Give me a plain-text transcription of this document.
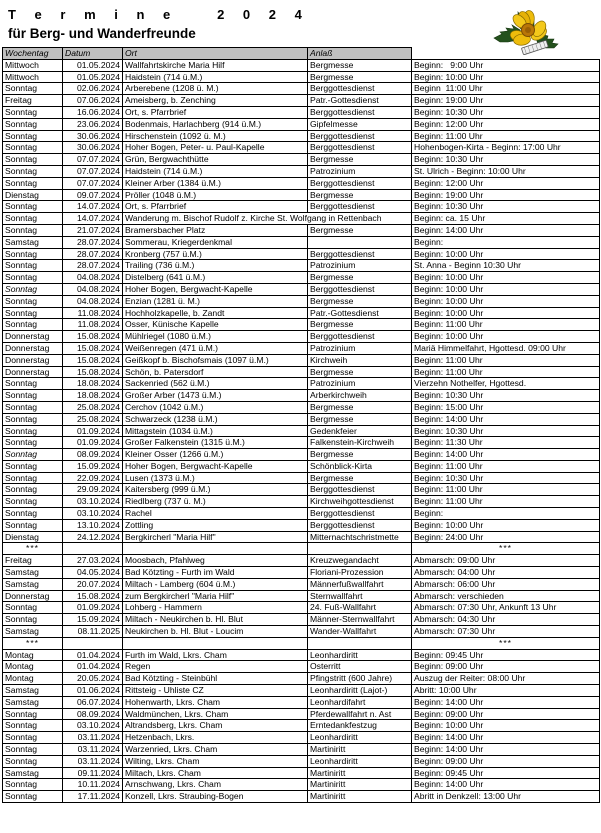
T e r m i n e   2 0 2 4
für Berg- und Wanderfreunde
Wochentag	Datum	Ort	Anlaß	
Mittwoch	01.05.2024	Wallfahrtskirche Maria Hilf	Bergmesse	Beginn:   9:00 Uhr
Mittwoch	01.05.2024	Haidstein (714 ü.M.)	Bergmesse	Beginn: 10:00 Uhr
Sonntag	02.06.2024	Arberebene (1208 ü. M.)	Berggottesdienst	Beginn  11:00 Uhr
Freitag	07.06.2024	Ameisberg, b. Zenching	Patr.-Gottesdienst	Beginn: 19:00 Uhr
Sonntag	16.06.2024	Ort, s. Pfarrbrief	Berggottesdienst	Beginn: 10:30 Uhr
Sonntag	23.06.2024	Bodenmais, Harlachberg (914 ü.M.)	Gipfelmesse	Beginn: 12:00 Uhr
Sonntag	30.06.2024	Hirschenstein (1092 ü. M.)	Berggottesdienst	Beginn: 11:00 Uhr
Sonntag	30.06.2024	Hoher Bogen, Peter- u. Paul-Kapelle	Berggottesdienst	Hohenbogen-Kirta - Beginn: 17:00 Uhr
Sonntag	07.07.2024	Grün, Bergwachthütte	Bergmesse	Beginn: 10:30 Uhr
Sonntag	07.07.2024	Haidstein (714 ü.M.)	Patrozinium	St. Ulrich - Beginn: 10:00 Uhr
Sonntag	07.07.2024	Kleiner Arber (1384 ü.M.)	Berggottesdienst	Beginn: 12:00 Uhr
Dienstag	09.07.2024	Pröller (1048 ü.M.)	Bergmesse	Beginn: 19:00 Uhr
Sonntag	14.07.2024	Ort, s. Pfarrbrief	Berggottesdienst	Beginn: 10:30 Uhr
Sonntag	14.07.2024	Wanderung m. Bischof Rudolf z. Kirche St. Wolfgang in Rettenbach		Beginn: ca. 15 Uhr
Sonntag	21.07.2024	Bramersbacher Platz	Bergmesse	Beginn: 14:00 Uhr
Samstag	28.07.2024	Sommerau, Kriegerdenkmal		Beginn:
Sonntag	28.07.2024	Kronberg (757 ü.M.)	Berggottesdienst	Beginn: 10:00 Uhr
Sonntag	28.07.2024	Trailing (736 ü.M.)	Patrozinium	St. Anna - Beginn 10:30 Uhr
Sonntag	04.08.2024	Distelberg (641 ü.M.)	Bergmesse	Beginn: 10:00 Uhr
Sonntag	04.08.2024	Hoher Bogen, Bergwacht-Kapelle	Berggottesdienst	Beginn: 10:00 Uhr
Sonntag	04.08.2024	Enzian (1281 ü. M.)	Bergmesse	Beginn: 10:00 Uhr
Sonntag	11.08.2024	Hochholzkapelle, b. Zandt	Patr.-Gottesdienst	Beginn: 10:00 Uhr
Sonntag	11.08.2024	Osser, Künische Kapelle	Bergmesse	Beginn: 11:00 Uhr
Donnerstag	15.08.2024	Mühlriegel (1080 ü.M.)	Berggottesdienst	Beginn: 10:00 Uhr
Donnerstag	15.08.2024	Weißenregen (471 ü.M.)	Patrozinium	Mariä Himmelfahrt, Hgottesd. 09:00 Uhr
Donnerstag	15.08.2024	Geißkopf b. Bischofsmais (1097 ü.M.)	Kirchweih	Beginn: 11:00 Uhr
Donnerstag	15.08.2024	Schön, b. Patersdorf	Bergmesse	Beginn: 11:00 Uhr
Sonntag	18.08.2024	Sackenried (562 ü.M.)	Patrozinium	Vierzehn Nothelfer, Hgottesd.
Sonntag	18.08.2024	Großer Arber (1473 ü.M.)	Arberkirchweih	Beginn: 10:30 Uhr
Sonntag	25.08.2024	Cerchov (1042 ü.M.)	Bergmesse	Beginn: 15:00 Uhr
Sonntag	25.08.2024	Schwarzeck (1238 ü.M.)	Bergmesse	Beginn: 14:00 Uhr
Sonntag	01.09.2024	Mittagstein (1034 ü.M.)	Gedenkfeier	Beginn: 10:30 Uhr
Sonntag	01.09.2024	Großer Falkenstein (1315 ü.M.)	Falkenstein-Kirchweih	Beginn: 11:30 Uhr
Sonntag	08.09.2024	Kleiner Osser (1266 ü.M.)	Bergmesse	Beginn: 14:00 Uhr
Sonntag	15.09.2024	Hoher Bogen, Bergwacht-Kapelle	Schönblick-Kirta	Beginn: 11:00 Uhr
Sonntag	22.09.2024	Lusen (1373 ü.M.)	Bergmesse	Beginn: 10:30 Uhr
Sonntag	29.09.2024	Kaitersberg (999 ü.M.)	Berggottesdienst	Beginn: 11:00 Uhr
Sonntag	03.10.2024	Riedlberg (737 ü. M.)	Kirchweihgottesdienst	Beginn: 11:00 Uhr
Sonntag	03.10.2024	Rachel	Berggottesdienst	Beginn:
Sonntag	13.10.2024	Zottling	Berggottesdienst	Beginn: 10:00 Uhr
Dienstag	24.12.2024	Bergkircherl "Maria Hilf"	Mitternachtschristmette	Beginn: 24:00 Uhr
***				***
Freitag	27.03.2024	Moosbach, Pfahlweg	Kreuzwegandacht	Abmarsch: 09:00 Uhr
Samstag	04.05.2024	Bad Kötzting - Furth im Wald	Floriani-Prozession	Abmarsch: 04:00 Uhr
Samstag	20.07.2024	Miltach - Lamberg (604 ü.M.)	Männerfußwallfahrt	Abmarsch: 06:00 Uhr
Donnerstag	15.08.2024	zum Bergkircherl "Maria Hilf"	Sternwallfahrt	Abmarsch: verschieden
Sonntag	01.09.2024	Lohberg - Hammern	24. Fuß-Wallfahrt	Abmarsch: 07:30 Uhr, Ankunft 13 Uhr
Sonntag	15.09.2024	Miltach - Neukirchen b. Hl. Blut	Männer-Sternwallfahrt	Abmarsch: 04:30 Uhr
Samstag	08.11.2025	Neukirchen b. Hl. Blut - Loucim	Wander-Wallfahrt	Abmarsch: 07:30 Uhr
***				***
Montag	01.04.2024	Furth im Wald, Lkrs. Cham	Leonhardiritt	Beginn: 09:45 Uhr
Montag	01.04.2024	Regen	Osterritt	Beginn: 09:00 Uhr
Montag	20.05.2024	Bad Kötzting - Steinbühl	Pfingstritt (600 Jahre)	Auszug der Reiter: 08:00 Uhr
Samstag	01.06.2024	Rittsteig - Uhliste CZ	Leonhardiritt (Lajot-)	Abritt: 10:00 Uhr
Samstag	06.07.2024	Hohenwarth, Lkrs. Cham	Leonhardifahrt	Beginn: 14:00 Uhr
Sonntag	08.09.2024	Waldmünchen, Lkrs. Cham	Pferdewallfahrt n. Ast	Beginn: 09:00 Uhr
Sonntag	03.10.2024	Altrandsberg, Lkrs. Cham	Erntedankfestzug	Beginn: 10:00 Uhr
Sonntag	03.11.2024	Hetzenbach, Lkrs.	Leonhardiritt	Beginn: 14:00 Uhr
Sonntag	03.11.2024	Warzenried, Lkrs. Cham	Martiniritt	Beginn: 14:00 Uhr
Sonntag	03.11.2024	Wilting, Lkrs. Cham	Leonhardiritt	Beginn: 09:00 Uhr
Samstag	09.11.2024	Miltach, Lkrs. Cham	Martiniritt	Beginn: 09:45 Uhr
Sonntag	10.11.2024	Arnschwang, Lkrs. Cham	Martiniritt	Beginn: 14:00 Uhr
Sonntag	17.11.2024	Konzell, Lkrs. Straubing-Bogen	Martiniritt	Abritt in Denkzell: 13:00 Uhr
